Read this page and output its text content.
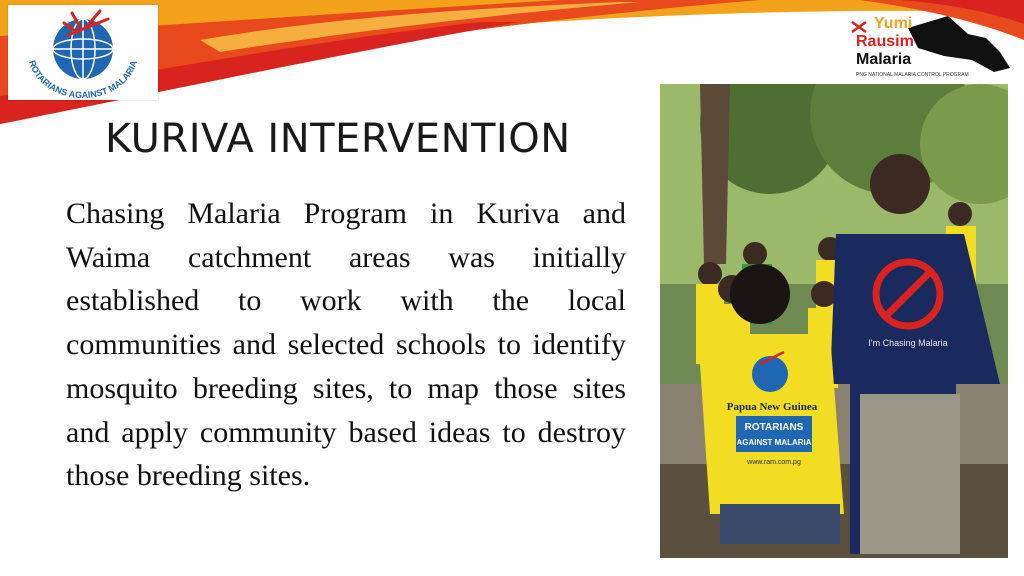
ROTARIANS AGAINST MALARIA
Yumi
Rausim
Malaria
PNG NATIONAL MALARIA CONTROL PROGRAM
KURIVA INTERVENTION

Chasing Malaria Program in Kuriva and Waima catchment areas was initially established to work with the local communities and selected schools to identify mosquito breeding sites, to map those sites and apply community based ideas to destroy those breeding sites.

I'm Chasing Malaria
Papua New Guinea
ROTARIANS
AGAINST MALARIA
www.ram.com.pg
